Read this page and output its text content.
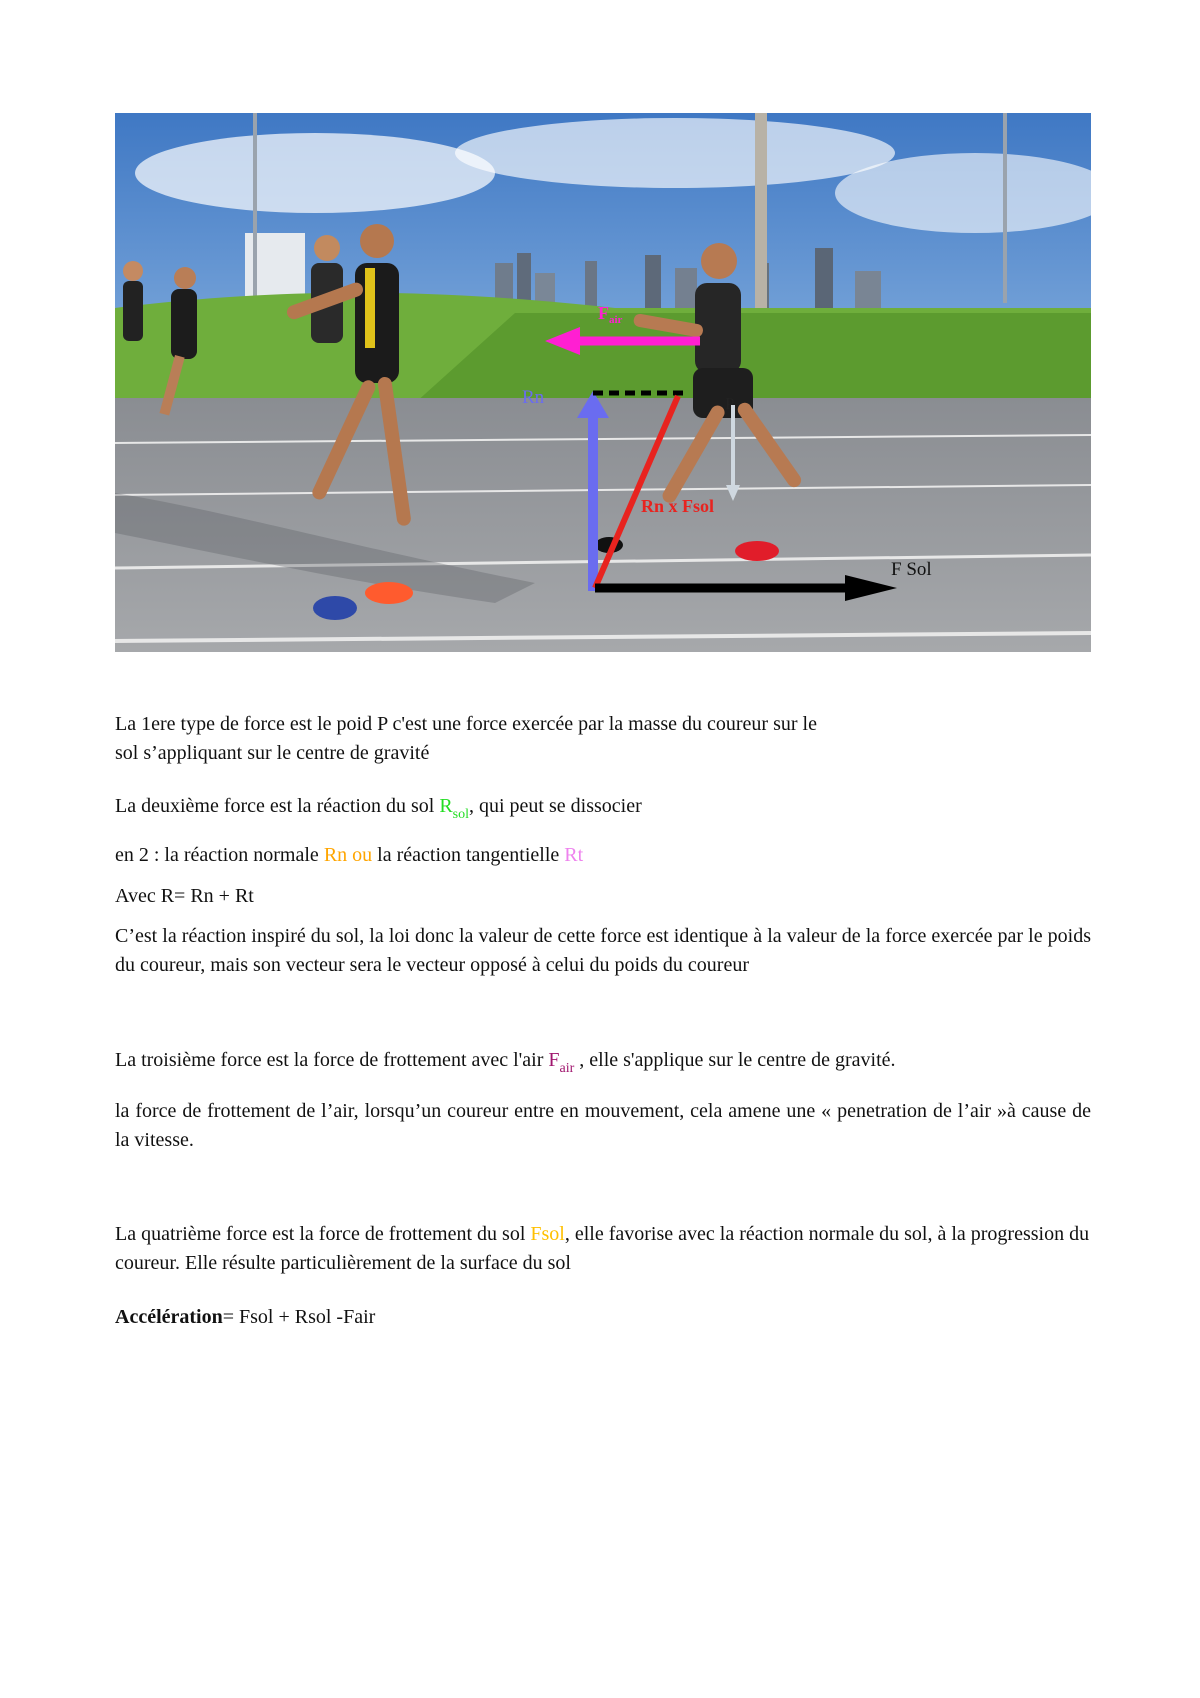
$F_{air}$
Rn
Rn x Fsol
P
F Sol

La 1ere type de force est le poid P c'est une force exercée par la masse du coureur sur le

sol s’appliquant sur le centre de gravité

La deuxième force est la réaction du sol $R_{sol}$, qui peut se dissocier

en 2 : la réaction normale Rn ou la réaction tangentielle Rt

Avec R= Rn + Rt

C’est la réaction inspiré du sol, la loi donc la valeur de cette force est identique à la valeur de la force exercée par le poids du coureur, mais son vecteur sera le vecteur opposé à celui du poids du coureur

La troisième force est la force de frottement avec l'air $F_{air}$ , elle s'applique sur le centre de gravité.

la force de frottement de l’air, lorsqu’un coureur entre en mouvement, cela amene une « penetration de l’air »à cause de la vitesse.

La quatrième force est la force de frottement du sol Fsol, elle favorise avec la réaction normale du sol, à la progression du coureur. Elle résulte particulièrement de la surface du sol

Accélération= Fsol + Rsol -Fair
